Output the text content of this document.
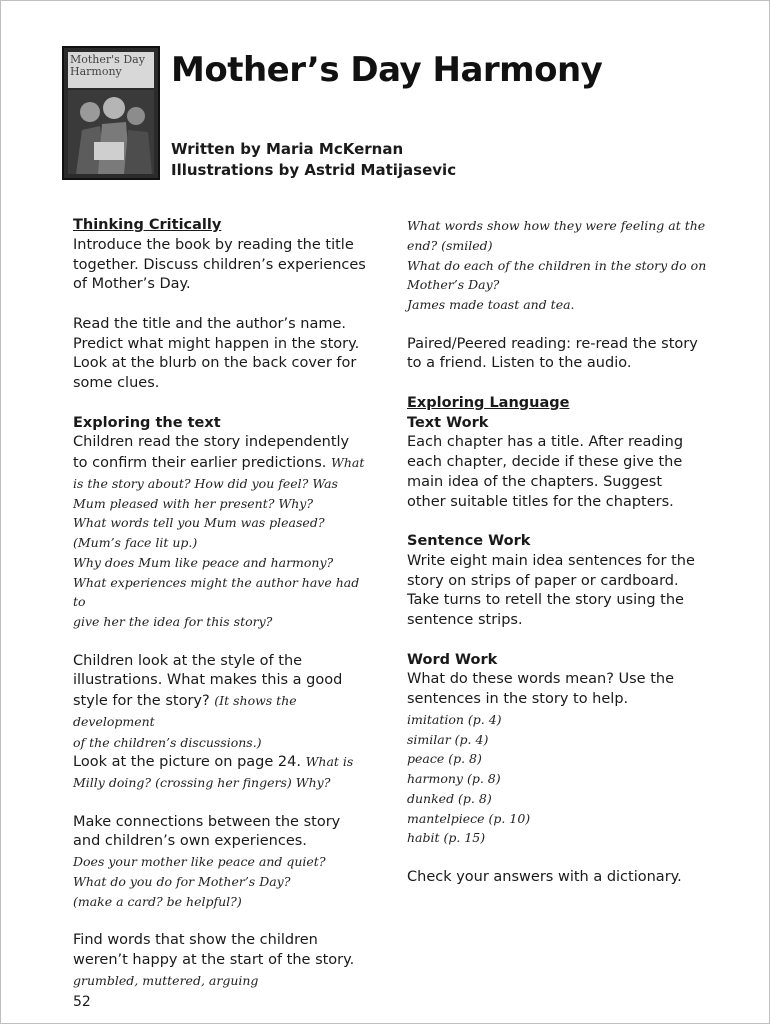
Mother's Day
Harmony	Mother’s Day Harmony
Written by Maria McKernan
Illustrations by Astrid Matijasevic

Thinking Critically

Introduce the book by reading the title

together. Discuss children’s experiences

of Mother’s Day.

Read the title and the author’s name.

Predict what might happen in the story.

Look at the blurb on the back cover for

some clues.

Exploring the text

Children read the story independently

to confirm their earlier predictions. What

is the story about? How did you feel? Was

Mum pleased with her present? Why?

What words tell you Mum was pleased?

(Mum’s face lit up.)

Why does Mum like peace and harmony?

What experiences might the author have had to

give her the idea for this story?

Children look at the style of the

illustrations. What makes this a good

style for the story? (It shows the development

of the children’s discussions.)

Look at the picture on page 24. What is

Milly doing? (crossing her fingers) Why?

Make connections between the story

and children’s own experiences.

Does your mother like peace and quiet?

What do you do for Mother’s Day?

(make a card? be helpful?)

Find words that show the children

weren’t happy at the start of the story.

grumbled, muttered, arguing

What words show how they were feeling at the

end? (smiled)

What do each of the children in the story do on

Mother’s Day?

James made toast and tea.

Paired/Peered reading: re-read the story

to a friend. Listen to the audio.

Exploring Language

Text Work

Each chapter has a title. After reading

each chapter, decide if these give the

main idea of the chapters. Suggest

other suitable titles for the chapters.

Sentence Work

Write eight main idea sentences for the

story on strips of paper or cardboard.

Take turns to retell the story using the

sentence strips.

Word Work

What do these words mean? Use the

sentences in the story to help.

imitation (p. 4)

similar (p. 4)

peace (p. 8)

harmony (p. 8)

dunked (p. 8)

mantelpiece (p. 10)

habit (p. 15)

Check your answers with a dictionary.

52
